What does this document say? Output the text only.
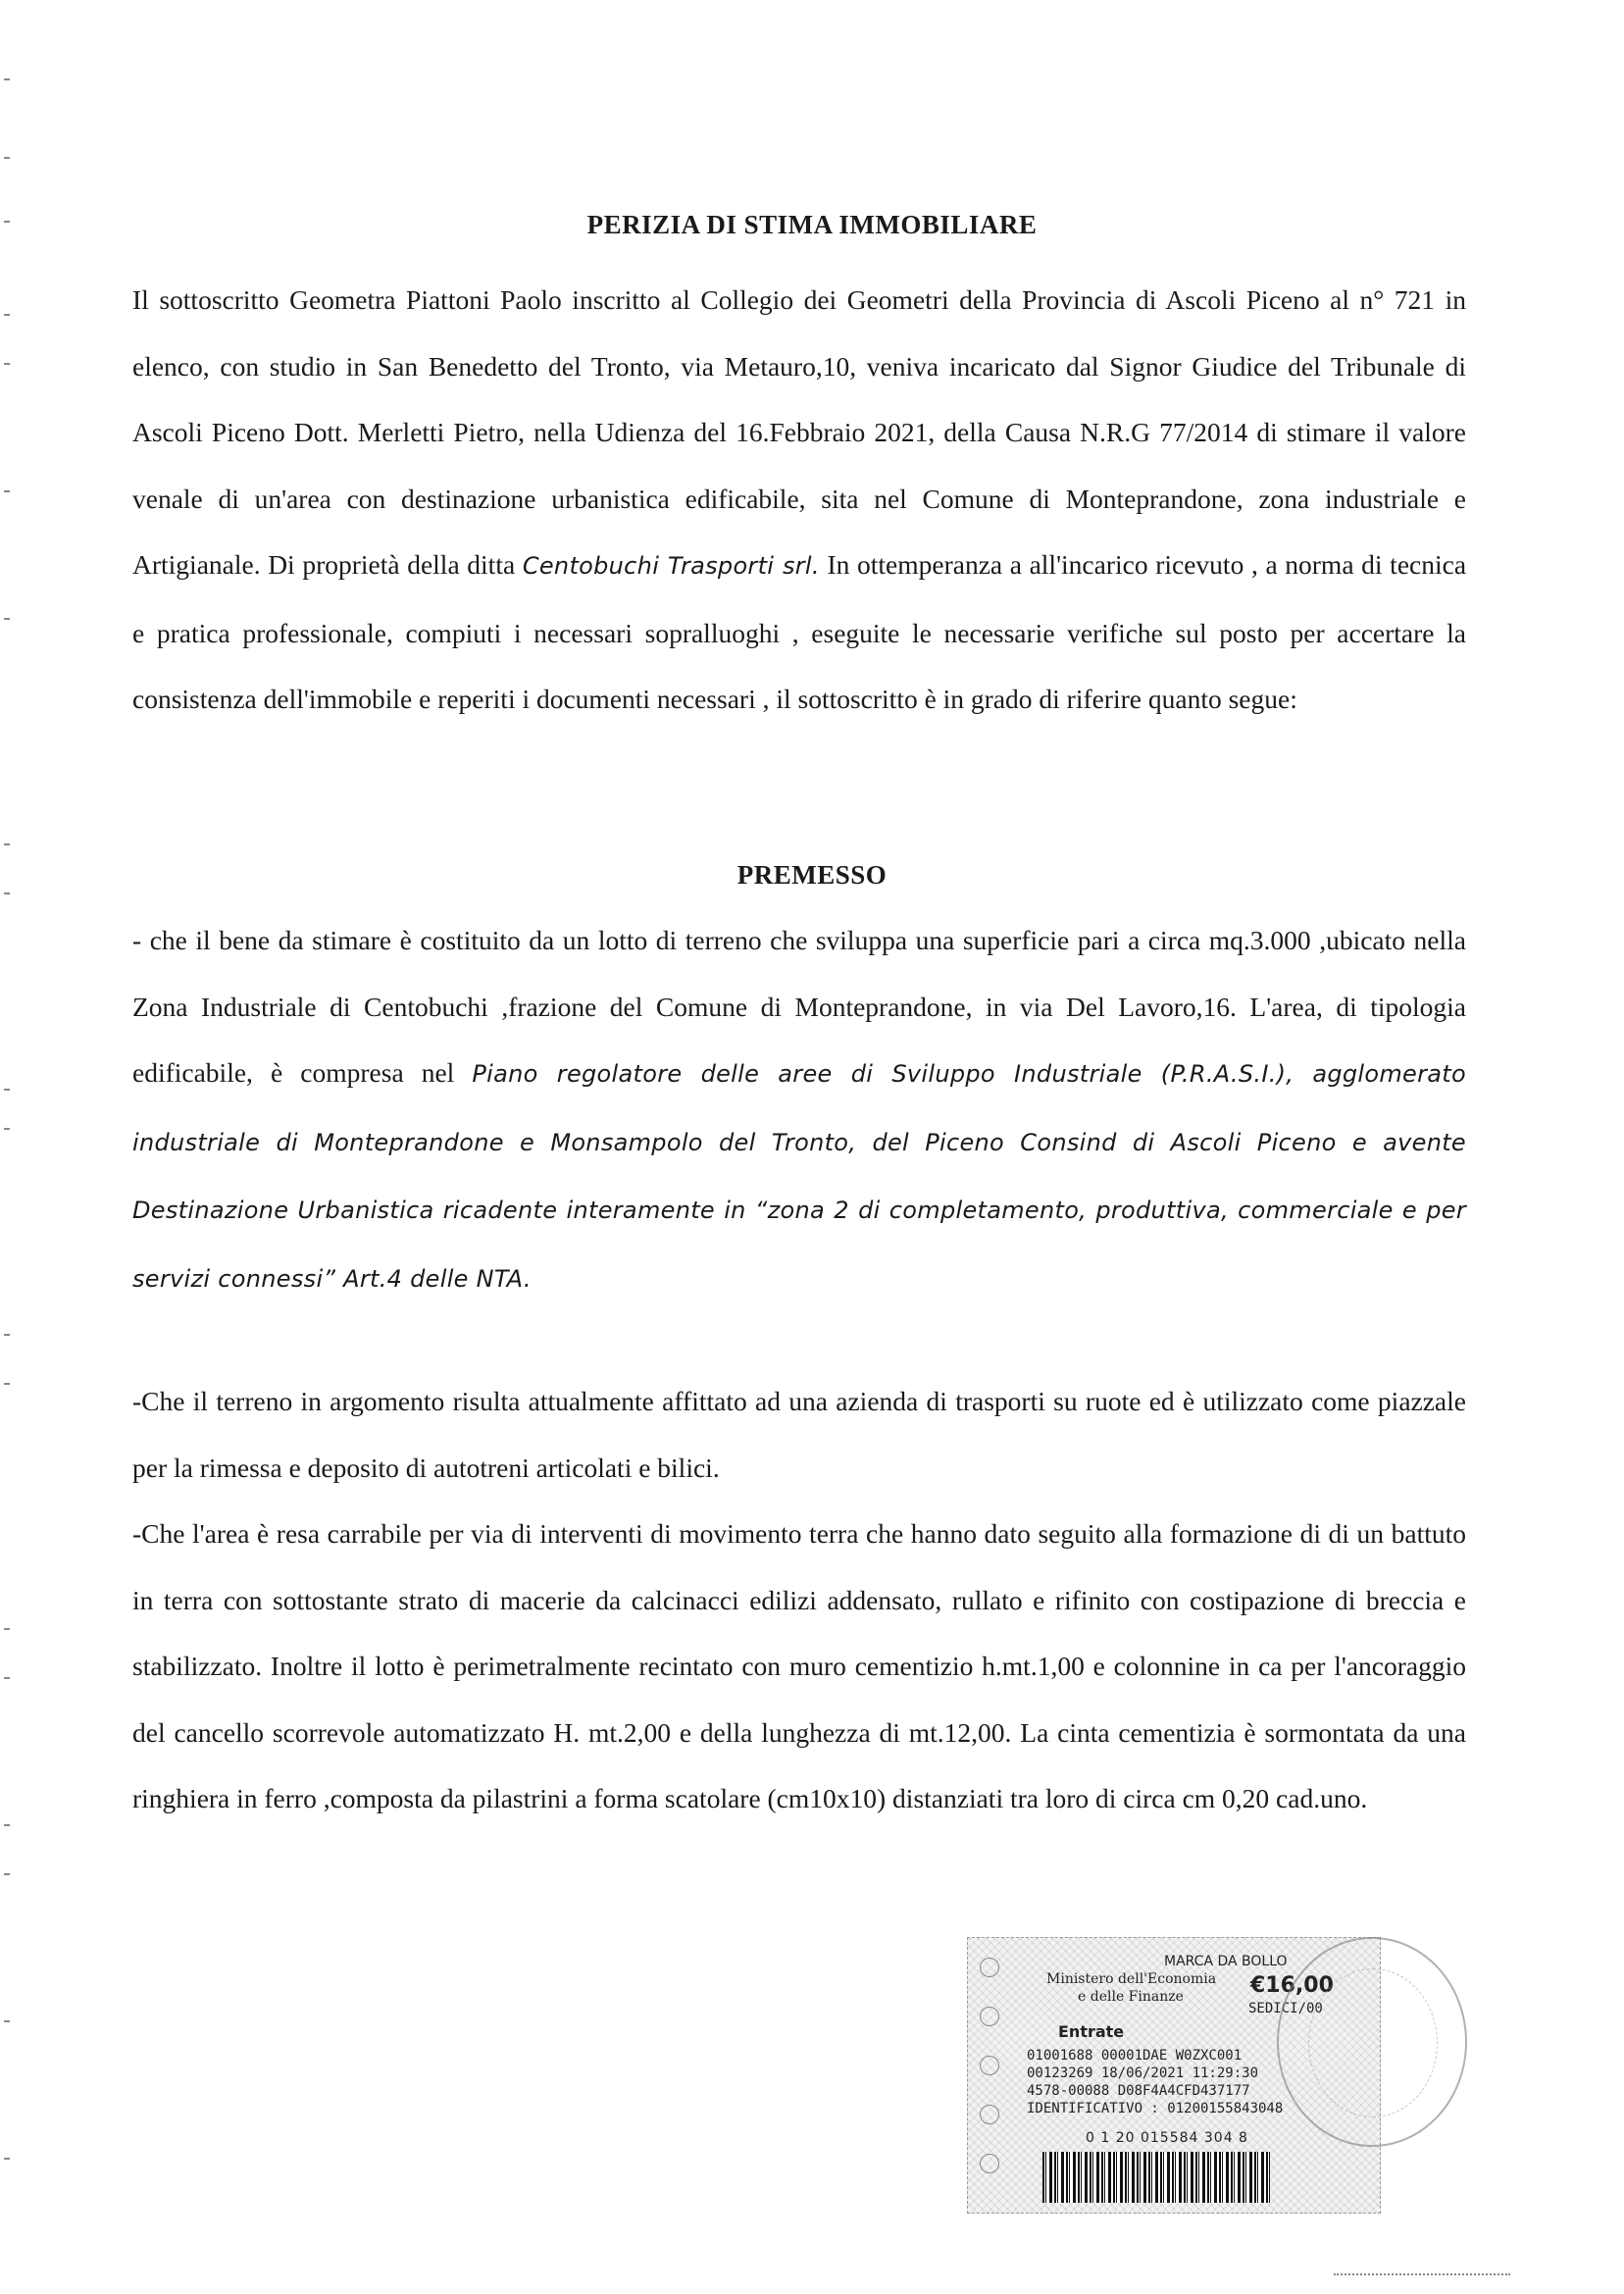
PERIZIA DI STIMA IMMOBILIARE

Il sottoscritto Geometra Piattoni Paolo inscritto al Collegio dei Geometri della Provincia di Ascoli Piceno al n° 721 in elenco, con studio in San Benedetto del Tronto, via Metauro,10, veniva incaricato dal Signor Giudice del Tribunale di Ascoli Piceno Dott. Merletti Pietro, nella Udienza del 16.Febbraio 2021, della Causa N.R.G 77/2014 di stimare il valore venale di un'area con destinazione urbanistica edificabile, sita nel Comune di Monteprandone, zona industriale e Artigianale. Di proprietà della ditta Centobuchi Trasporti srl. In ottemperanza a all'incarico ricevuto , a norma di tecnica e pratica professionale, compiuti i necessari sopralluoghi , eseguite le necessarie verifiche sul posto per accertare la consistenza dell'immobile e reperiti i documenti necessari , il sottoscritto è in grado di riferire quanto segue:

PREMESSO

- che il bene da stimare è costituito da un lotto di terreno che sviluppa una superficie pari a circa mq.3.000 ,ubicato nella Zona Industriale di Centobuchi ,frazione del Comune di Monteprandone, in via Del Lavoro,16. L'area, di tipologia edificabile, è compresa nel Piano regolatore delle aree di Sviluppo Industriale (P.R.A.S.I.), agglomerato industriale di Monteprandone e Monsampolo del Tronto, del Piceno Consind di Ascoli Piceno e avente Destinazione Urbanistica ricadente interamente in “zona 2 di completamento, produttiva, commerciale e per servizi connessi” Art.4 delle NTA.

-Che il terreno in argomento risulta attualmente affittato ad una azienda di trasporti su ruote ed è utilizzato come piazzale per la rimessa e deposito di autotreni articolati e bilici.

-Che l'area è resa carrabile per via di interventi di movimento terra che hanno dato seguito alla formazione di di un battuto in terra con sottostante strato di macerie da calcinacci edilizi addensato, rullato e rifinito con costipazione di breccia e stabilizzato. Inoltre il lotto è perimetralmente recintato con muro cementizio h.mt.1,00 e colonnine in ca per l'ancoraggio del cancello scorrevole automatizzato H. mt.2,00 e della lunghezza di mt.12,00. La cinta cementizia è sormontata da una ringhiera in ferro ,composta da pilastrini a forma scatolare (cm10x10) distanziati tra loro di circa cm 0,20 cad.uno.

MARCA DA BOLLO
Ministero dell'Economia
e delle Finanze	€16,00
SEDICI/00
Entrate
01001688 00001DAE W0ZXC001
00123269 18/06/2021 11:29:30
4578-00088 D08F4A4CFD437177
IDENTIFICATIVO : 01200155843048
0 1 20 015584 304 8
